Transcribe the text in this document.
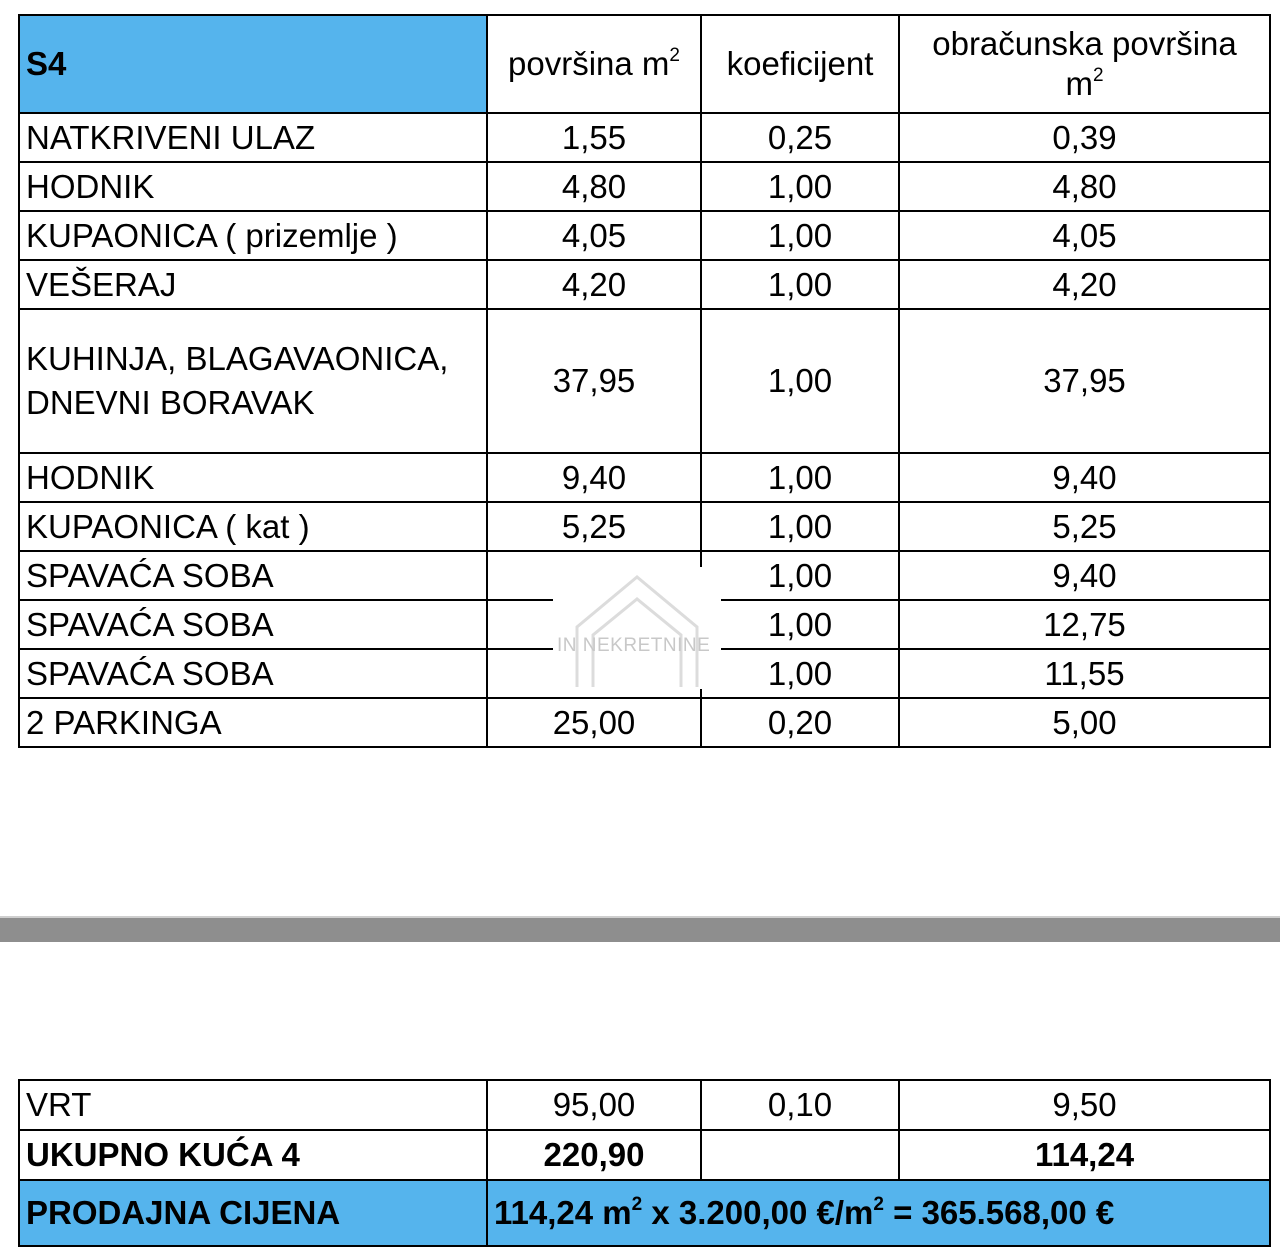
S4	površina $m^2$	koeficijent	obračunska površina
$m^2$

NATKRIVENI ULAZ	1,55	0,25	0,39
HODNIK	4,80	1,00	4,80
KUPAONICA ( prizemlje )	4,05	1,00	4,05
VEŠERAJ	4,20	1,00	4,20
KUHINJA, BLAGAVAONICA, DNEVNI BORAVAK	37,95	1,00	37,95
HODNIK	9,40	1,00	9,40
KUPAONICA ( kat )	5,25	1,00	5,25
SPAVAĆA SOBA		1,00	9,40
SPAVAĆA SOBA		1,00	12,75
SPAVAĆA SOBA		1,00	11,55
2 PARKINGA	25,00	0,20	5,00
IN NEKRETNINE
VRT	95,00	0,10	9,50
UKUPNO KUĆA 4	220,90		114,24
PRODAJNA CIJENA	114,24 $m^2$ x 3.200,00 $€/m^2 = 365.568,00$ €		
